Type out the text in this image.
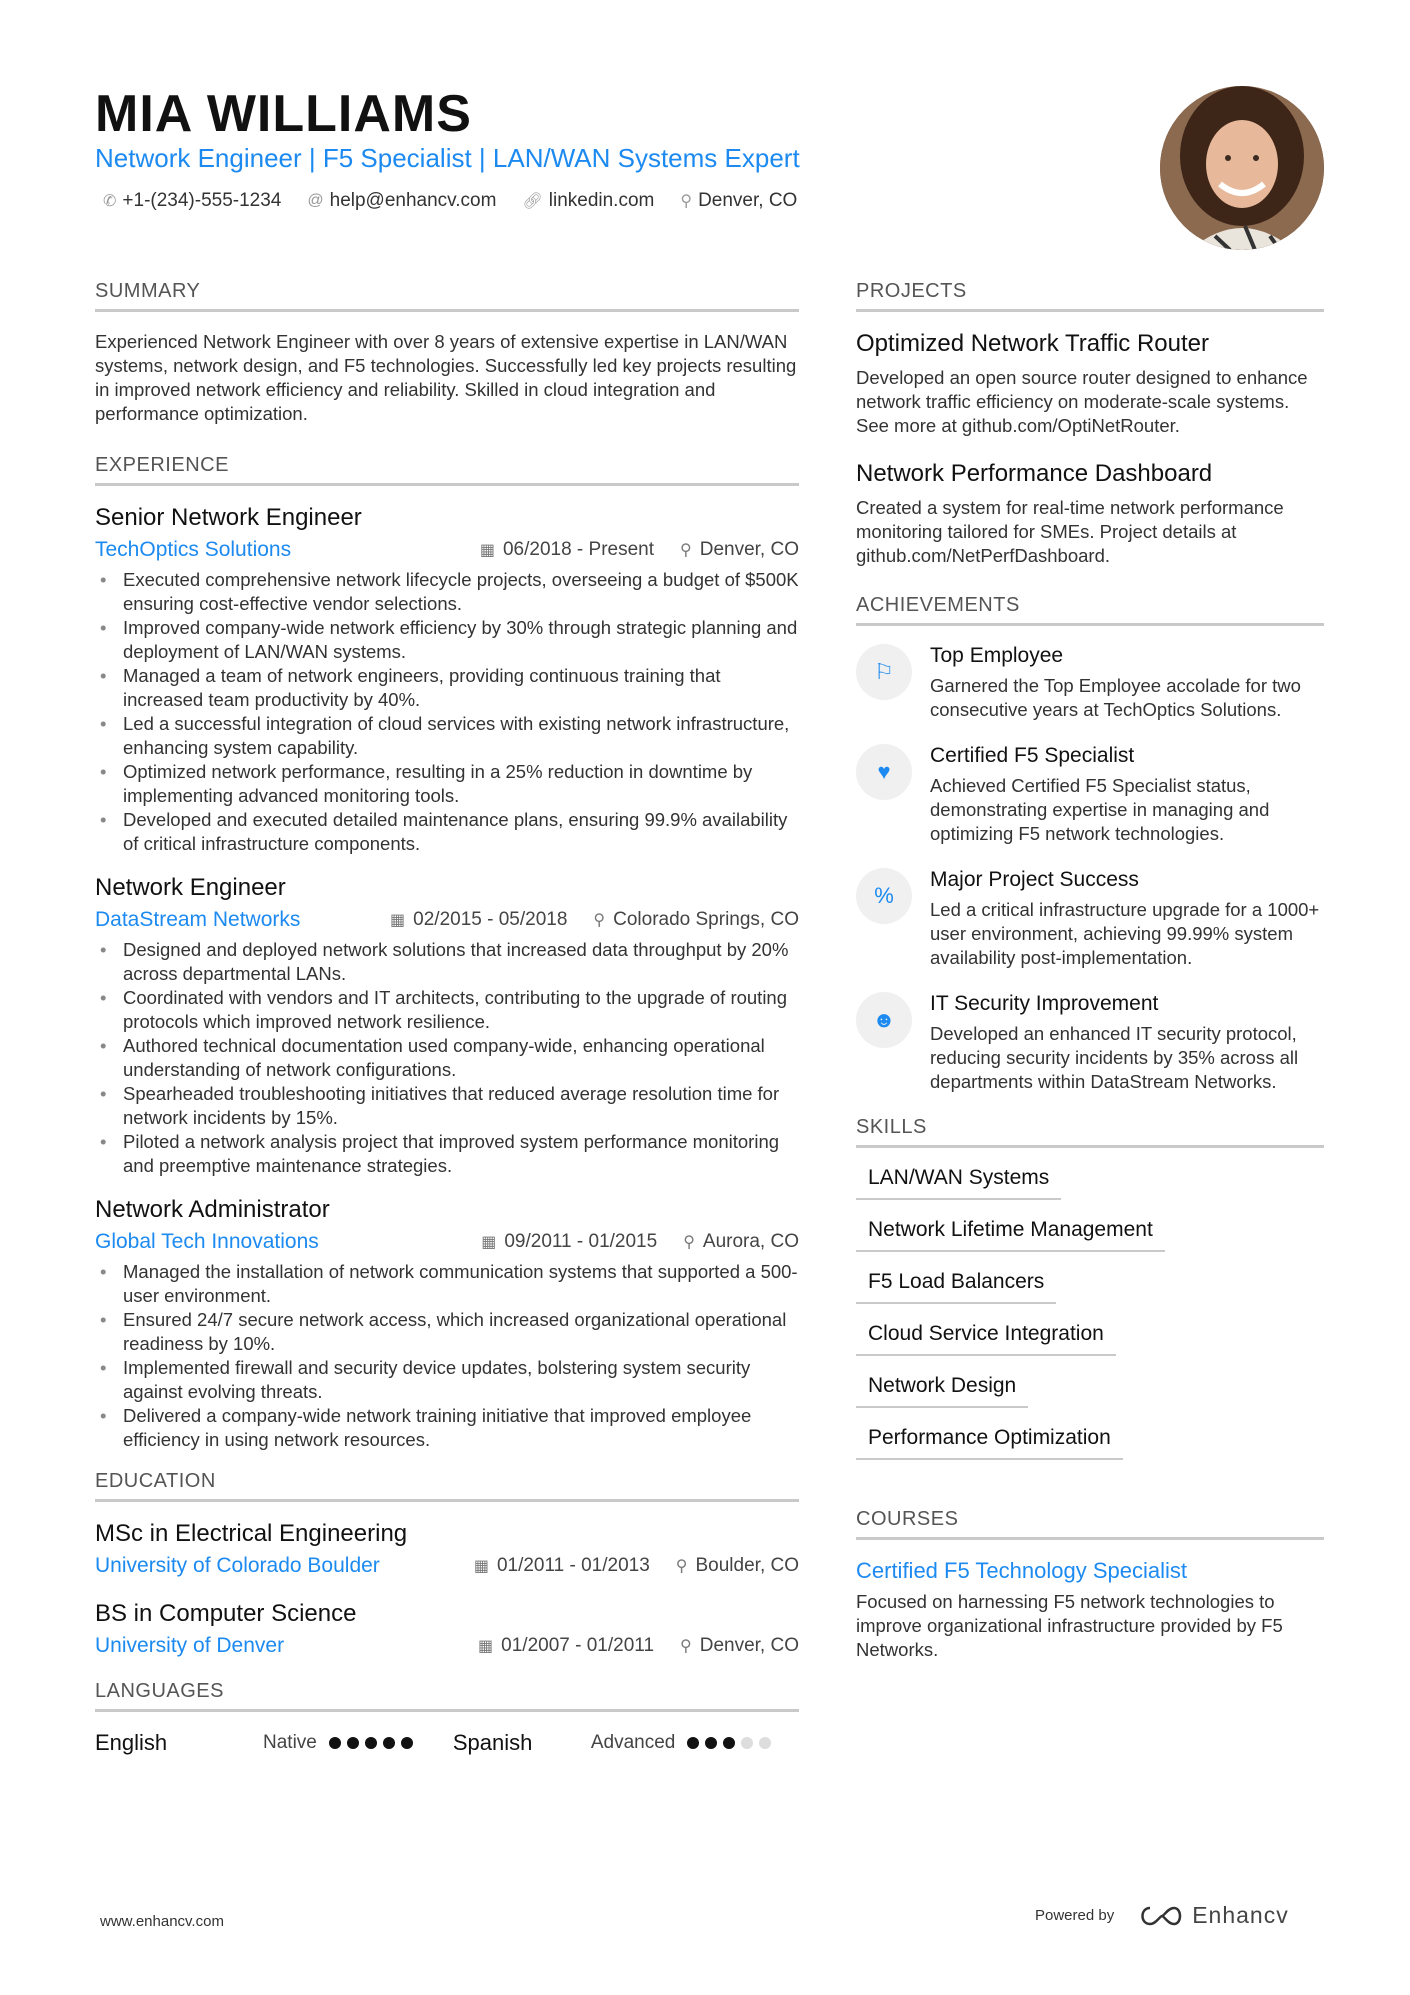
MIA WILLIAMS
Network Engineer | F5 Specialist | LAN/WAN Systems Expert
✆ +1-(234)-555-1234 @ help@enhancv.com 🔗︎ linkedin.com ⚲ Denver, CO
SUMMARY
Experienced Network Engineer with over 8 years of extensive expertise in LAN/WAN systems, network design, and F5 technologies. Successfully led key projects resulting in improved network efficiency and reliability. Skilled in cloud integration and performance optimization.
EXPERIENCE
Senior Network Engineer
TechOptics Solutions	▦ 06/2018 - Present ⚲ Denver, CO
• Executed comprehensive network lifecycle projects, overseeing a budget of $500K ensuring cost-effective vendor selections.
• Improved company-wide network efficiency by 30% through strategic planning and deployment of LAN/WAN systems.
• Managed a team of network engineers, providing continuous training that increased team productivity by 40%.
• Led a successful integration of cloud services with existing network infrastructure, enhancing system capability.
• Optimized network performance, resulting in a 25% reduction in downtime by implementing advanced monitoring tools.
• Developed and executed detailed maintenance plans, ensuring 99.9% availability of critical infrastructure components.
Network Engineer
DataStream Networks	▦ 02/2015 - 05/2018 ⚲ Colorado Springs, CO
• Designed and deployed network solutions that increased data throughput by 20% across departmental LANs.
• Coordinated with vendors and IT architects, contributing to the upgrade of routing protocols which improved network resilience.
• Authored technical documentation used company-wide, enhancing operational understanding of network configurations.
• Spearheaded troubleshooting initiatives that reduced average resolution time for network incidents by 15%.
• Piloted a network analysis project that improved system performance monitoring and preemptive maintenance strategies.
Network Administrator
Global Tech Innovations	▦ 09/2011 - 01/2015 ⚲ Aurora, CO
• Managed the installation of network communication systems that supported a 500-user environment.
• Ensured 24/7 secure network access, which increased organizational operational readiness by 10%.
• Implemented firewall and security device updates, bolstering system security against evolving threats.
• Delivered a company-wide network training initiative that improved employee efficiency in using network resources.
EDUCATION
MSc in Electrical Engineering
University of Colorado Boulder	▦ 01/2011 - 01/2013 ⚲ Boulder, CO
BS in Computer Science
University of Denver	▦ 01/2007 - 01/2011 ⚲ Denver, CO
LANGUAGES
English	Native	Spanish	Advanced
PROJECTS
Optimized Network Traffic Router
Developed an open source router designed to enhance network traffic efficiency on moderate-scale systems. See more at github.com/OptiNetRouter.
Network Performance Dashboard
Created a system for real-time network performance monitoring tailored for SMEs. Project details at github.com/NetPerfDashboard.
ACHIEVEMENTS
⚐
Top Employee
Garnered the Top Employee accolade for two consecutive years at TechOptics Solutions.
♥
Certified F5 Specialist
Achieved Certified F5 Specialist status, demonstrating expertise in managing and optimizing F5 network technologies.
%
Major Project Success
Led a critical infrastructure upgrade for a 1000+ user environment, achieving 99.99% system availability post-implementation.
☻
IT Security Improvement
Developed an enhanced IT security protocol, reducing security incidents by 35% across all departments within DataStream Networks.
SKILLS
LAN/WAN Systems
Network Lifetime Management
F5 Load Balancers
Cloud Service Integration
Network Design
Performance Optimization
COURSES
Certified F5 Technology Specialist
Focused on harnessing F5 network technologies to improve organizational infrastructure provided by F5 Networks.
www.enhancv.com	Powered by	Enhancv
